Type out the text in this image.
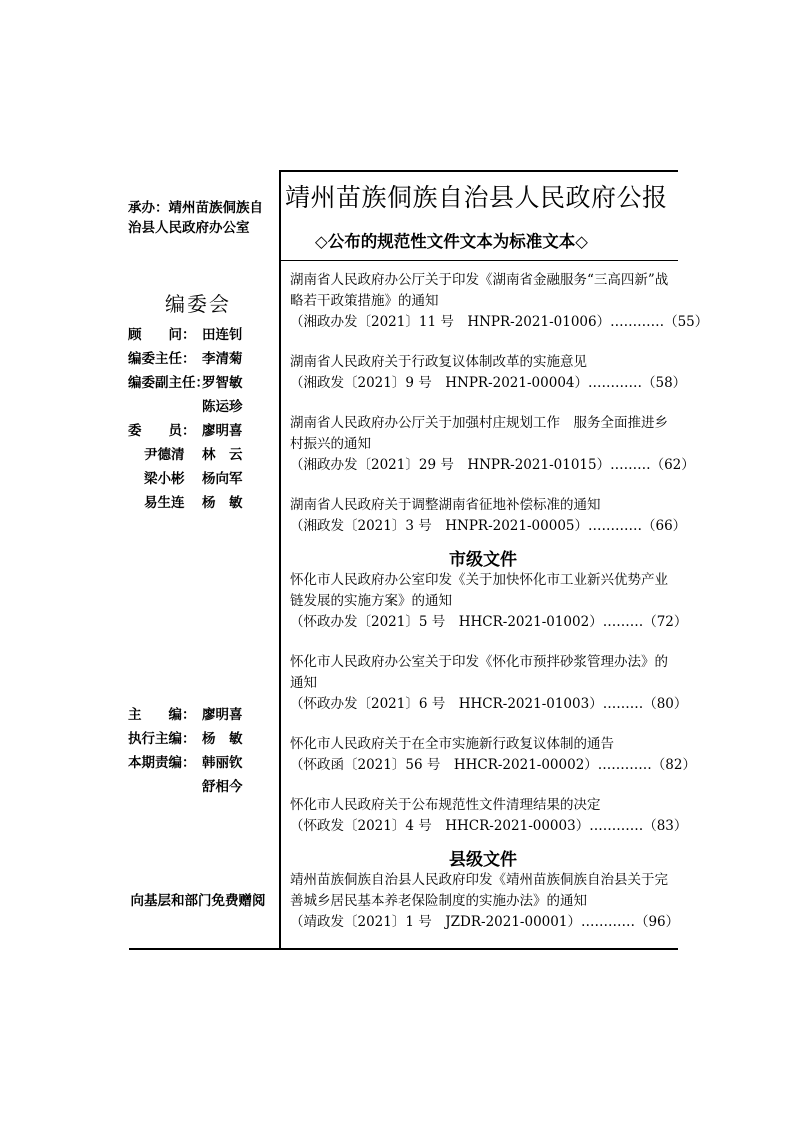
承办：靖州苗族侗族自治县人民政府办公室
编委会
顾　　问： 田连钊
编委主任： 李清菊
编委副主任：
罗智敏
陈运珍
委　　员： 廖明喜
尹德清	林　云
梁小彬	杨向军
易生连	杨　敏
主　　编： 廖明喜
执行主编： 杨　敏
本期责编： 韩丽钦
舒相今
向基层和部门免费赠阅
靖州苗族侗族自治县人民政府公报
◇公布的规范性文件文本为标准文本◇
湖南省人民政府办公厅关于印发《湖南省金融服务“三高四新”战略若干政策措施》的通知
（湘政办发〔2021〕11 号　HNPR-2021-01006）…………（55）
湖南省人民政府关于行政复议体制改革的实施意见
（湘政发〔2021〕9 号　HNPR-2021-00004）…………（58）
湖南省人民政府办公厅关于加强村庄规划工作　服务全面推进乡村振兴的通知
（湘政办发〔2021〕29 号　HNPR-2021-01015）………（62）
湖南省人民政府关于调整湖南省征地补偿标准的通知
（湘政发〔2021〕3 号　HNPR-2021-00005）…………（66）
市级文件
怀化市人民政府办公室印发《关于加快怀化市工业新兴优势产业链发展的实施方案》的通知
（怀政办发〔2021〕5 号　HHCR-2021-01002）………（72）
怀化市人民政府办公室关于印发《怀化市预拌砂浆管理办法》的通知
（怀政办发〔2021〕6 号　HHCR-2021-01003）………（80）
怀化市人民政府关于在全市实施新行政复议体制的通告
（怀政函〔2021〕56 号　HHCR-2021-00002）…………（82）
怀化市人民政府关于公布规范性文件清理结果的决定
（怀政发〔2021〕4 号　HHCR-2021-00003）…………（83）
县级文件
靖州苗族侗族自治县人民政府印发《靖州苗族侗族自治县关于完善城乡居民基本养老保险制度的实施办法》的通知
（靖政发〔2021〕1 号　JZDR-2021-00001）…………（96）
